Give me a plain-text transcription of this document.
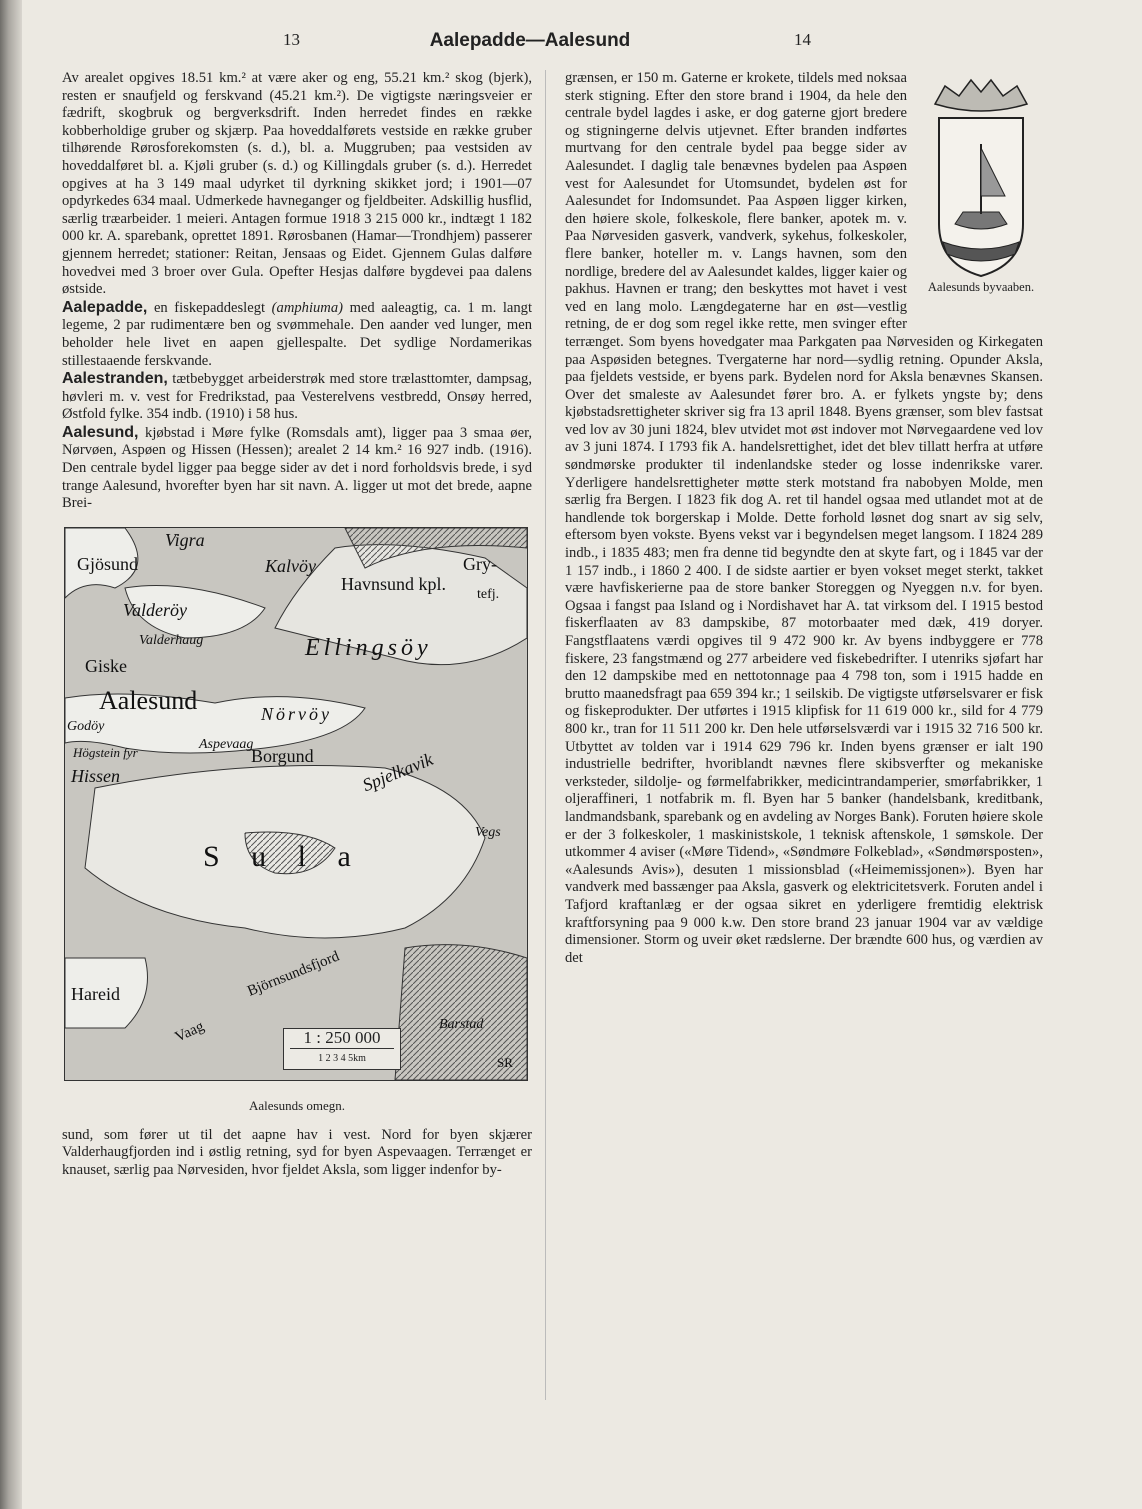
13	Aalepadde—Aalesund	14

Av arealet opgives 18.51 km.² at være aker og eng, 55.21 km.² skog (bjerk), resten er snaufjeld og ferskvand (45.21 km.²). De vigtigste næringsveier er fædrift, skogbruk og bergverksdrift. Inden herredet findes en række kobberholdige gruber og skjærp. Paa hoveddalførets vestside en række gruber tilhørende Rørosforekomsten (s. d.), bl. a. Muggruben; paa vestsiden av hoveddalføret bl. a. Kjøli gruber (s. d.) og Killingdals gruber (s. d.). Herredet opgives at ha 3 149 maal udyrket til dyrkning skikket jord; i 1901—07 opdyrkedes 634 maal. Udmerkede havneganger og fjeldbeiter. Adskillig husflid, særlig træarbeider. 1 meieri. Antagen formue 1918 3 215 000 kr., indtægt 1 182 000 kr. A. sparebank, oprettet 1891. Rørosbanen (Hamar—Trondhjem) passerer gjennem herredet; stationer: Reitan, Jensaas og Eidet. Gjennem Gulas dalføre hovedvei med 3 broer over Gula. Opefter Hesjas dalføre bygdevei paa dalens østside.

Aalepadde, en fiskepaddeslegt (amphiuma) med aaleagtig, ca. 1 m. langt legeme, 2 par rudimentære ben og svømmehale. Den aander ved lunger, men beholder hele livet en aapen gjellespalte. Det sydlige Nordamerikas stillestaaende ferskvande.

Aalestranden, tætbebygget arbeiderstrøk med store trælasttomter, dampsag, høvleri m. v. vest for Fredrikstad, paa Vesterelvens vestbredd, Onsøy herred, Østfold fylke. 354 indb. (1910) i 58 hus.

Aalesund, kjøbstad i Møre fylke (Romsdals amt), ligger paa 3 smaa øer, Nørvøen, Aspøen og Hissen (Hessen); arealet 2 14 km.² 16 927 indb. (1916). Den centrale bydel ligger paa begge sider av det i nord forholdsvis brede, i syd trange Aalesund, hvorefter byen har sit navn. A. ligger ut mot det brede, aapne Brei-

Vigra
Gjösund	Kalvöy	Gry-
Havnsund kpl.
tefj.
Valderöy
Valderhaug	Ellingsöy
Giske
Aalesund
Godöy
Nörvöy
Högstein fyr
Aspevaag
Borgund
Hissen	Spjelkavik
Vegs
S u l a
Hareid	Björnsundsfjord
Vaag	Barstad
1 : 250 000
1 2 3 4 5km	SR
Aalesunds omegn.

sund, som fører ut til det aapne hav i vest. Nord for byen skjærer Valderhaugfjorden ind i østlig retning, syd for byen Aspevaagen. Terrænget er knauset, særlig paa Nørvesiden, hvor fjeldet Aksla, som ligger indenfor by-

Aalesunds byvaaben.

grænsen, er 150 m. Gaterne er krokete, tildels med noksaa sterk stigning. Efter den store brand i 1904, da hele den centrale bydel lagdes i aske, er dog gaterne gjort bredere og stigningerne delvis utjevnet. Efter branden indførtes murtvang for den centrale bydel paa begge sider av Aalesundet. I daglig tale benævnes bydelen paa Aspøen vest for Aalesundet for Utomsundet, bydelen øst for Aalesundet for Indomsundet. Paa Aspøen ligger kirken, den høiere skole, folkeskole, flere banker, apotek m. v. Paa Nørvesiden gasverk, vandverk, sykehus, folkeskoler, flere banker, hoteller m. v. Langs havnen, som den nordlige, bredere del av Aalesundet kaldes, ligger kaier og pakhus. Havnen er trang; den beskyttes mot havet i vest ved en lang molo. Længdegaterne har en øst—vestlig retning, de er dog som regel ikke rette, men svinger efter terrænget. Som byens hovedgater maa Parkgaten paa Nørvesiden og Kirkegaten paa Aspøsiden betegnes. Tvergaterne har nord—sydlig retning. Opunder Aksla, paa fjeldets vestside, er byens park. Bydelen nord for Aksla benævnes Skansen. Over det smaleste av Aalesundet fører bro. A. er fylkets yngste by; dens kjøbstadsrettigheter skriver sig fra 13 april 1848. Byens grænser, som blev fastsat ved lov av 30 juni 1824, blev utvidet mot øst indover mot Nørvegaardene ved lov av 3 juni 1874. I 1793 fik A. handelsrettighet, idet det blev tillatt herfra at utføre søndmørske produkter til indenlandske steder og losse indenrikske varer. Yderligere handelsrettigheter møtte sterk motstand fra nabobyen Molde, men særlig fra Bergen. I 1823 fik dog A. ret til handel ogsaa med utlandet mot at de handlende tok borgerskap i Molde. Dette forhold løsnet dog snart av sig selv, eftersom byen vokste. Byens vekst var i begyndelsen meget langsom. I 1824 289 indb., i 1835 483; men fra denne tid begyndte den at skyte fart, og i 1845 var der 1 157 indb., i 1860 2 400. I de sidste aartier er byen vokset meget sterkt, takket være havfiskerierne paa de store banker Storeggen og Nyeggen n.v. for byen. Ogsaa i fangst paa Island og i Nordishavet har A. tat virksom del. I 1915 bestod fiskerflaaten av 83 dampskibe, 87 motorbaater med dæk, 419 doryer. Fangstflaatens værdi opgives til 9 472 900 kr. Av byens indbyggere er 778 fiskere, 23 fangstmænd og 277 arbeidere ved fiskebedrifter. I utenriks sjøfart har den 12 dampskibe med en nettotonnage paa 4 798 ton, som i 1915 hadde en brutto maanedsfragt paa 659 394 kr.; 1 seilskib. De vigtigste utførselsvarer er fisk og fiskeprodukter. Der utførtes i 1915 klipfisk for 11 619 000 kr., sild for 4 779 800 kr., tran for 11 511 200 kr. Den hele utførselsværdi var i 1915 32 716 500 kr. Utbyttet av tolden var i 1914 629 796 kr. Inden byens grænser er ialt 190 industrielle bedrifter, hvoriblandt nævnes flere skibsverfter og mekaniske verksteder, sildolje- og førmelfabrikker, medicintrandamperier, smørfabrikker, 1 oljeraffineri, 1 notfabrik m. fl. Byen har 5 banker (handelsbank, kreditbank, landmandsbank, sparebank og en avdeling av Norges Bank). Foruten høiere skole er der 3 folkeskoler, 1 maskinistskole, 1 teknisk aftenskole, 1 sømskole. Der utkommer 4 aviser («Møre Tidend», «Søndmøre Folkeblad», «Søndmørsposten», «Aalesunds Avis»), desuten 1 missionsblad («Heimemissjonen»). Byen har vandverk med bassænger paa Aksla, gasverk og elektricitetsverk. Foruten andel i Tafjord kraftanlæg er der ogsaa sikret en yderligere fremtidig elektrisk kraftforsyning paa 9 000 k.w. Den store brand 23 januar 1904 var av vældige dimensioner. Storm og uveir øket rædslerne. Der brændte 600 hus, og værdien av det
